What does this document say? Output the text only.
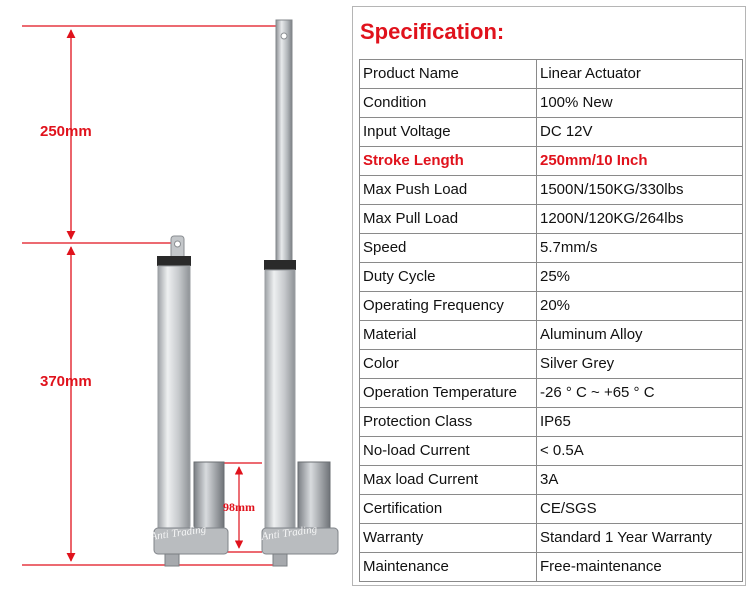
Anti Trading	Anti Trading
250mm
370mm
98mm
Specification:
Product Name	Linear Actuator
Condition	100% New
Input Voltage	DC 12V
Stroke Length	250mm/10 Inch
Max Push Load	1500N/150KG/330lbs
Max Pull Load	1200N/120KG/264lbs
Speed	5.7mm/s
Duty Cycle	25%
Operating Frequency	20%
Material	Aluminum Alloy
Color	Silver Grey
Operation Temperature	-26 ° C ~ +65 ° C
Protection Class	IP65
No-load Current	< 0.5A
Max load Current	3A
Certification	CE/SGS
Warranty	Standard 1 Year Warranty
Maintenance	Free-maintenance
